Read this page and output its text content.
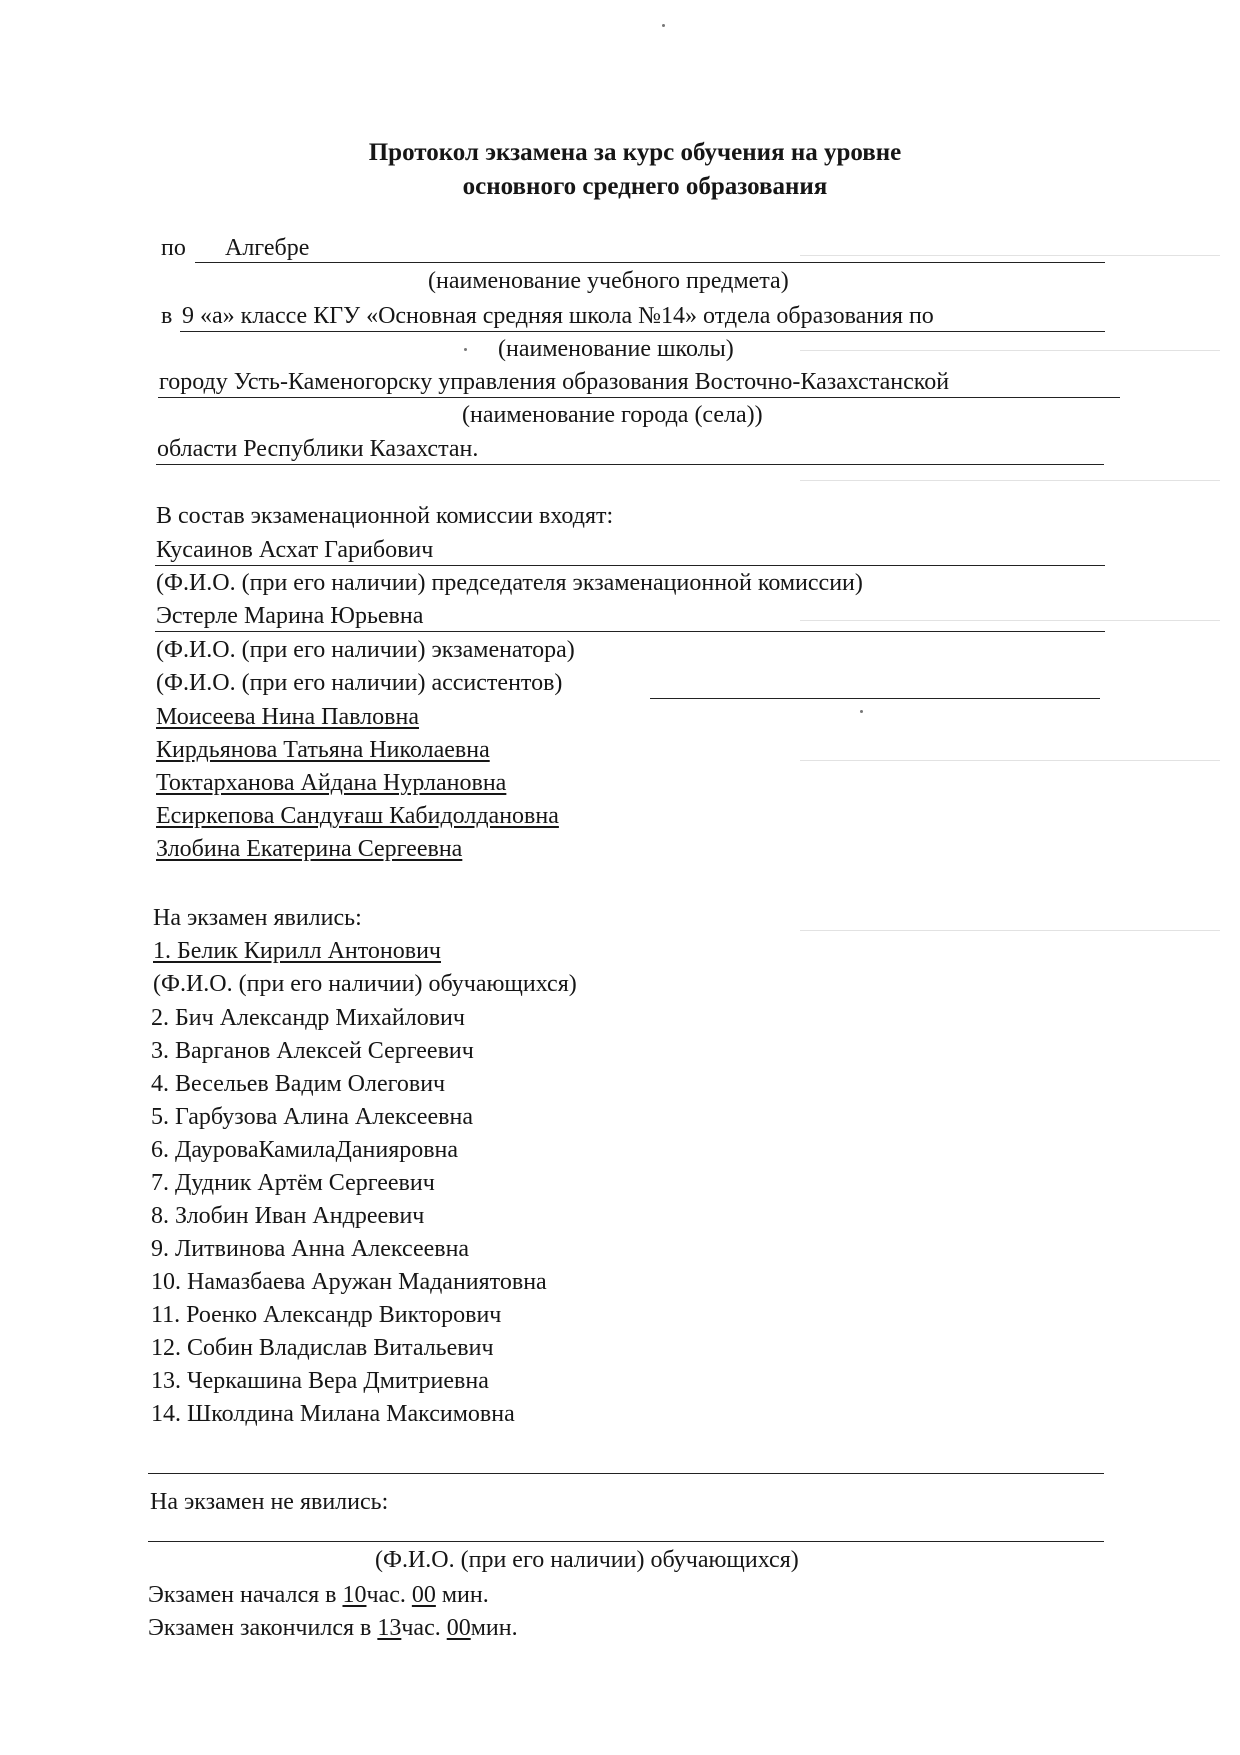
Протокол экзамена за курс обучения на уровне
основного среднего образования
по Алгебре
(наименование учебного предмета)
в 9 «а» классе КГУ «Основная средняя школа №14» отдела образования по
(наименование школы)
городу Усть-Каменогорску управления образования Восточно-Казахстанской
(наименование города (села))
области Республики Казахстан.
В состав экзаменационной комиссии входят:
Кусаинов Асхат Гарибович
(Ф.И.О. (при его наличии) председателя экзаменационной комиссии)
Эстерле Марина Юрьевна
(Ф.И.О. (при его наличии) экзаменатора)
(Ф.И.О. (при его наличии) ассистентов)
Моисеева Нина Павловна
Кирдьянова Татьяна Николаевна
Токтарханова Айдана Нурлановна
Есиркепова Сандуғаш Кабидолдановна
Злобина Екатерина Сергеевна
На экзамен явились:
1. Белик Кирилл Антонович
(Ф.И.О. (при его наличии) обучающихся)
2. Бич Александр Михайлович
3. Варганов Алексей Сергеевич
4. Весельев Вадим Олегович
5. Гарбузова Алина Алексеевна
6. ДауроваКамилаДанияровна
7. Дудник Артём Сергеевич
8. Злобин Иван Андреевич
9. Литвинова Анна Алексеевна
10. Намазбаева Аружан Маданиятовна
11. Роенко Александр Викторович
12. Собин Владислав Витальевич
13. Черкашина Вера Дмитриевна
14. Школдина Милана Максимовна
На экзамен не явились:
(Ф.И.О. (при его наличии) обучающихся)
Экзамен начался в 10час. 00 мин.
Экзамен закончился в 13час. 00мин.
